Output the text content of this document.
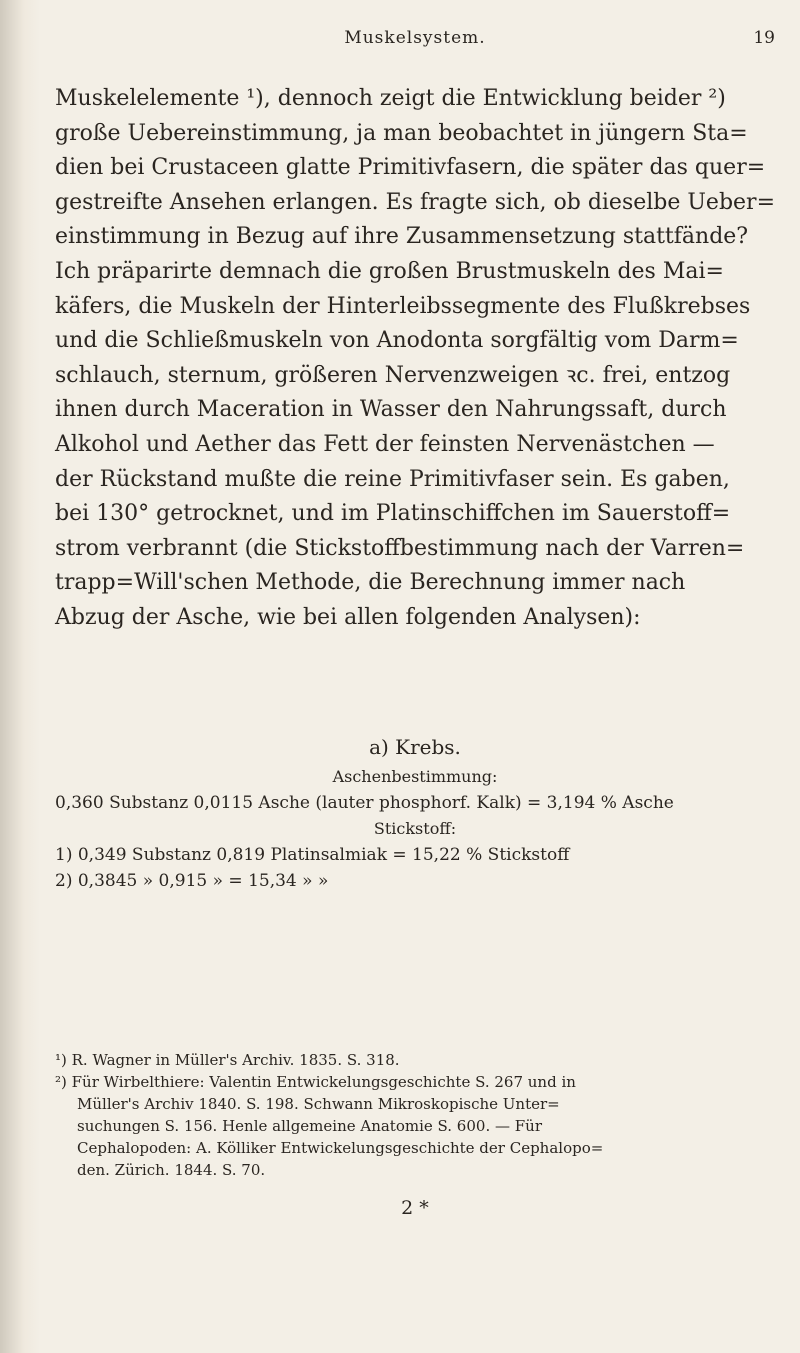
Muskelsystem.	19
Muskelelemente ¹), dennoch zeigt die Entwicklung beider ²)
große Uebereinstimmung, ja man beobachtet in jüngern Sta=
dien bei Crustaceen glatte Primitivfasern, die später das quer=
gestreifte Ansehen erlangen. Es fragte sich, ob dieselbe Ueber=
einstimmung in Bezug auf ihre Zusammensetzung stattfände?
Ich präparirte demnach die großen Brustmuskeln des Mai=
käfers, die Muskeln der Hinterleibssegmente des Flußkrebses
und die Schließmuskeln von Anodonta sorgfältig vom Darm=
schlauch, sternum, größeren Nervenzweigen ꝛc. frei, entzog
ihnen durch Maceration in Wasser den Nahrungssaft, durch
Alkohol und Aether das Fett der feinsten Nervenästchen —
der Rückstand mußte die reine Primitivfaser sein. Es gaben,
bei 130° getrocknet, und im Platinschiffchen im Sauerstoff=
strom verbrannt (die Stickstoffbestimmung nach der Varren=
trapp=Will'schen Methode, die Berechnung immer nach
Abzug der Asche, wie bei allen folgenden Analysen):
a) Krebs.
Aschenbestimmung:
0,360 Substanz 0,0115 Asche (lauter phosphorf. Kalk) = 3,194 % Asche
Stickstoff:
1) 0,349 Substanz 0,819 Platinsalmiak = 15,22 % Stickstoff
2) 0,3845 » 0,915 » = 15,34 » »
¹) R. Wagner in Müller's Archiv. 1835. S. 318.
²) Für Wirbelthiere: Valentin Entwickelungsgeschichte S. 267 und in
Müller's Archiv 1840. S. 198. Schwann Mikroskopische Unter=
suchungen S. 156. Henle allgemeine Anatomie S. 600. — Für
Cephalopoden: A. Kölliker Entwickelungsgeschichte der Cephalopo=
den. Zürich. 1844. S. 70.
2 *
